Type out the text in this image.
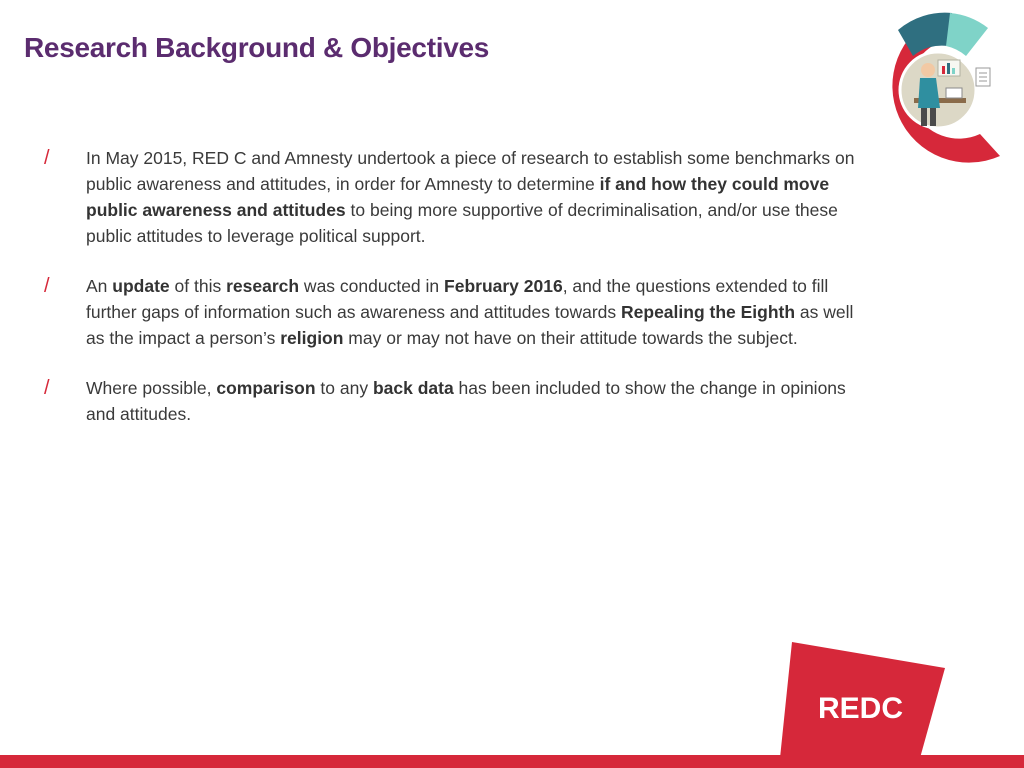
Research Background & Objectives
/ In May 2015, RED C and Amnesty undertook a piece of research to establish some benchmarks on public awareness and attitudes, in order for Amnesty to determine if and how they could move public awareness and attitudes to being more supportive of decriminalisation, and/or use these public attitudes to leverage political support.
/ An update of this research was conducted in February 2016, and the questions extended to fill further gaps of information such as awareness and attitudes towards Repealing the Eighth as well as the impact a person’s religion may or may not have on their attitude towards the subject.
/ Where possible, comparison to any back data has been included to show the change in opinions and attitudes.
REDC
